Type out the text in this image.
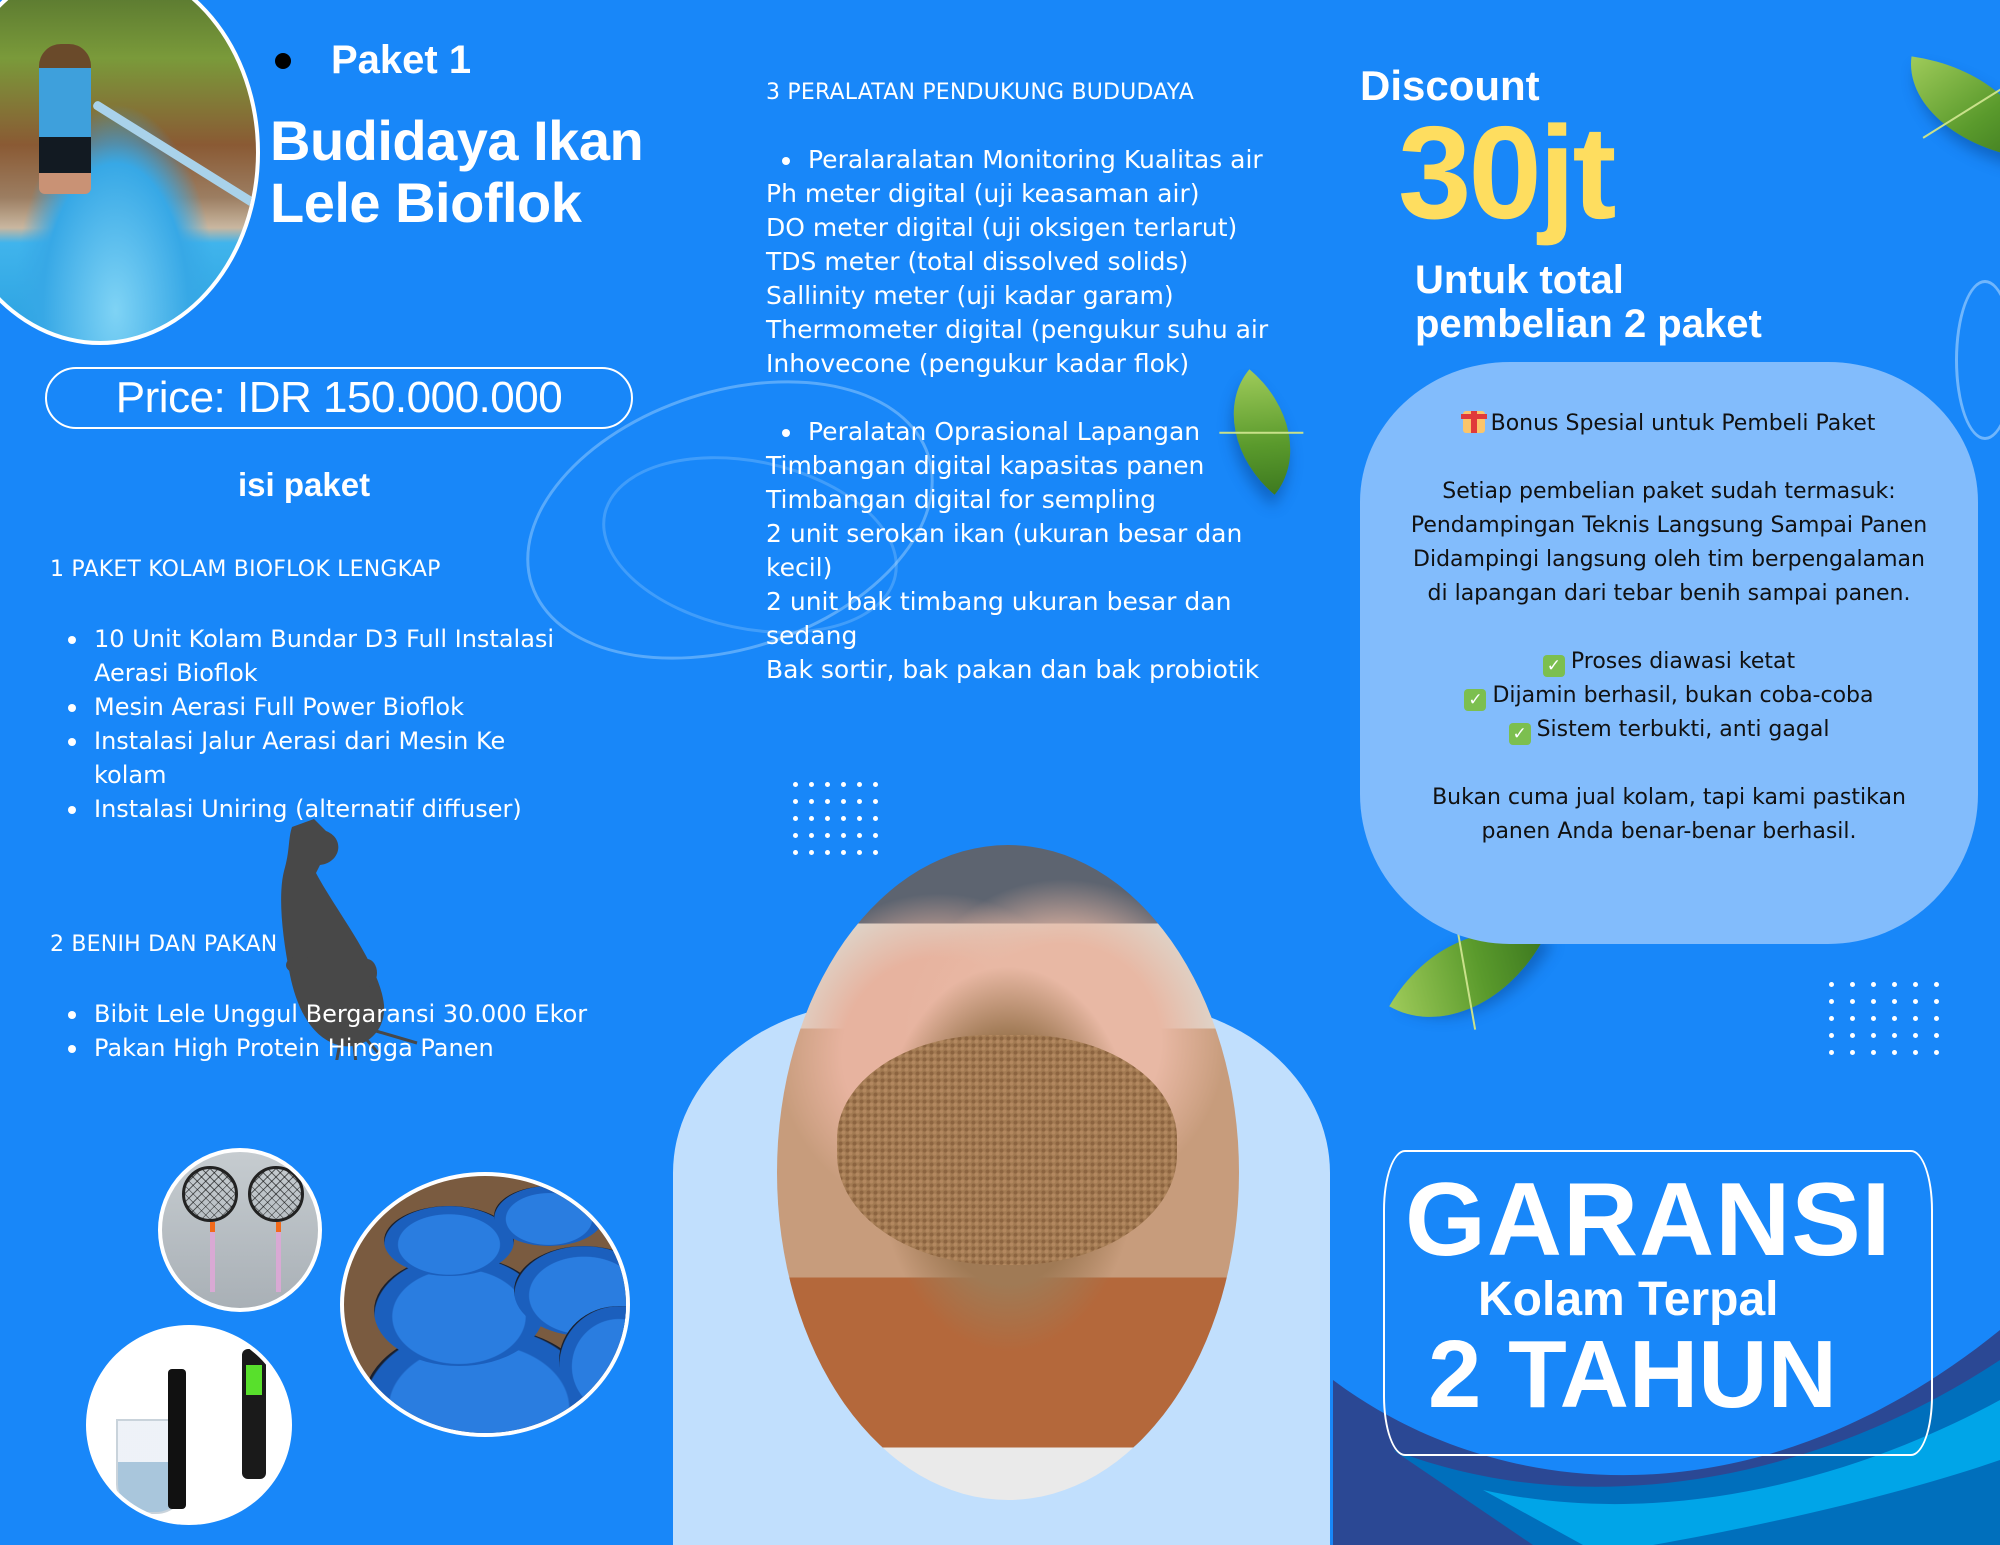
Paket 1
Budidaya Ikan
Lele Bioflok
Price: IDR 150.000.000
isi paket
1 PAKET KOLAM BIOFLOK LENGKAP
10 Unit Kolam Bundar D3 Full Instalasi Aerasi Bioflok
Mesin Aerasi Full Power Bioflok
Instalasi Jalur Aerasi dari Mesin Ke kolam
Instalasi Uniring (alternatif diffuser)
2 BENIH DAN PAKAN
Bibit Lele Unggul Bergaransi 30.000 Ekor
Pakan High Protein Hingga Panen
3 PERALATAN PENDUKUNG BUDUDAYA
Peralaralatan Monitoring Kualitas air
Ph meter digital (uji keasaman air)
DO meter digital (uji oksigen terlarut)
TDS meter (total dissolved solids)
Sallinity meter (uji kadar garam)
Thermometer digital (pengukur suhu air
Inhovecone (pengukur kadar flok)
Peralatan Oprasional Lapangan
Timbangan digital kapasitas panen
Timbangan digital for sempling
2 unit serokan ikan (ukuran besar dan kecil)
2 unit bak timbang ukuran besar dan sedang
Bak sortir, bak pakan dan bak probiotik
Discount
30jt
Untuk total
pembelian 2 paket
Bonus Spesial untuk Pembeli Paket
Setiap pembelian paket sudah termasuk:
Pendampingan Teknis Langsung Sampai Panen
Didampingi langsung oleh tim berpengalaman
di lapangan dari tebar benih sampai panen.
✓ Proses diawasi ketat
✓ Dijamin berhasil, bukan coba-coba
✓ Sistem terbukti, anti gagal
Bukan cuma jual kolam, tapi kami pastikan
panen Anda benar-benar berhasil.
GARANSI
Kolam Terpal
2 TAHUN
